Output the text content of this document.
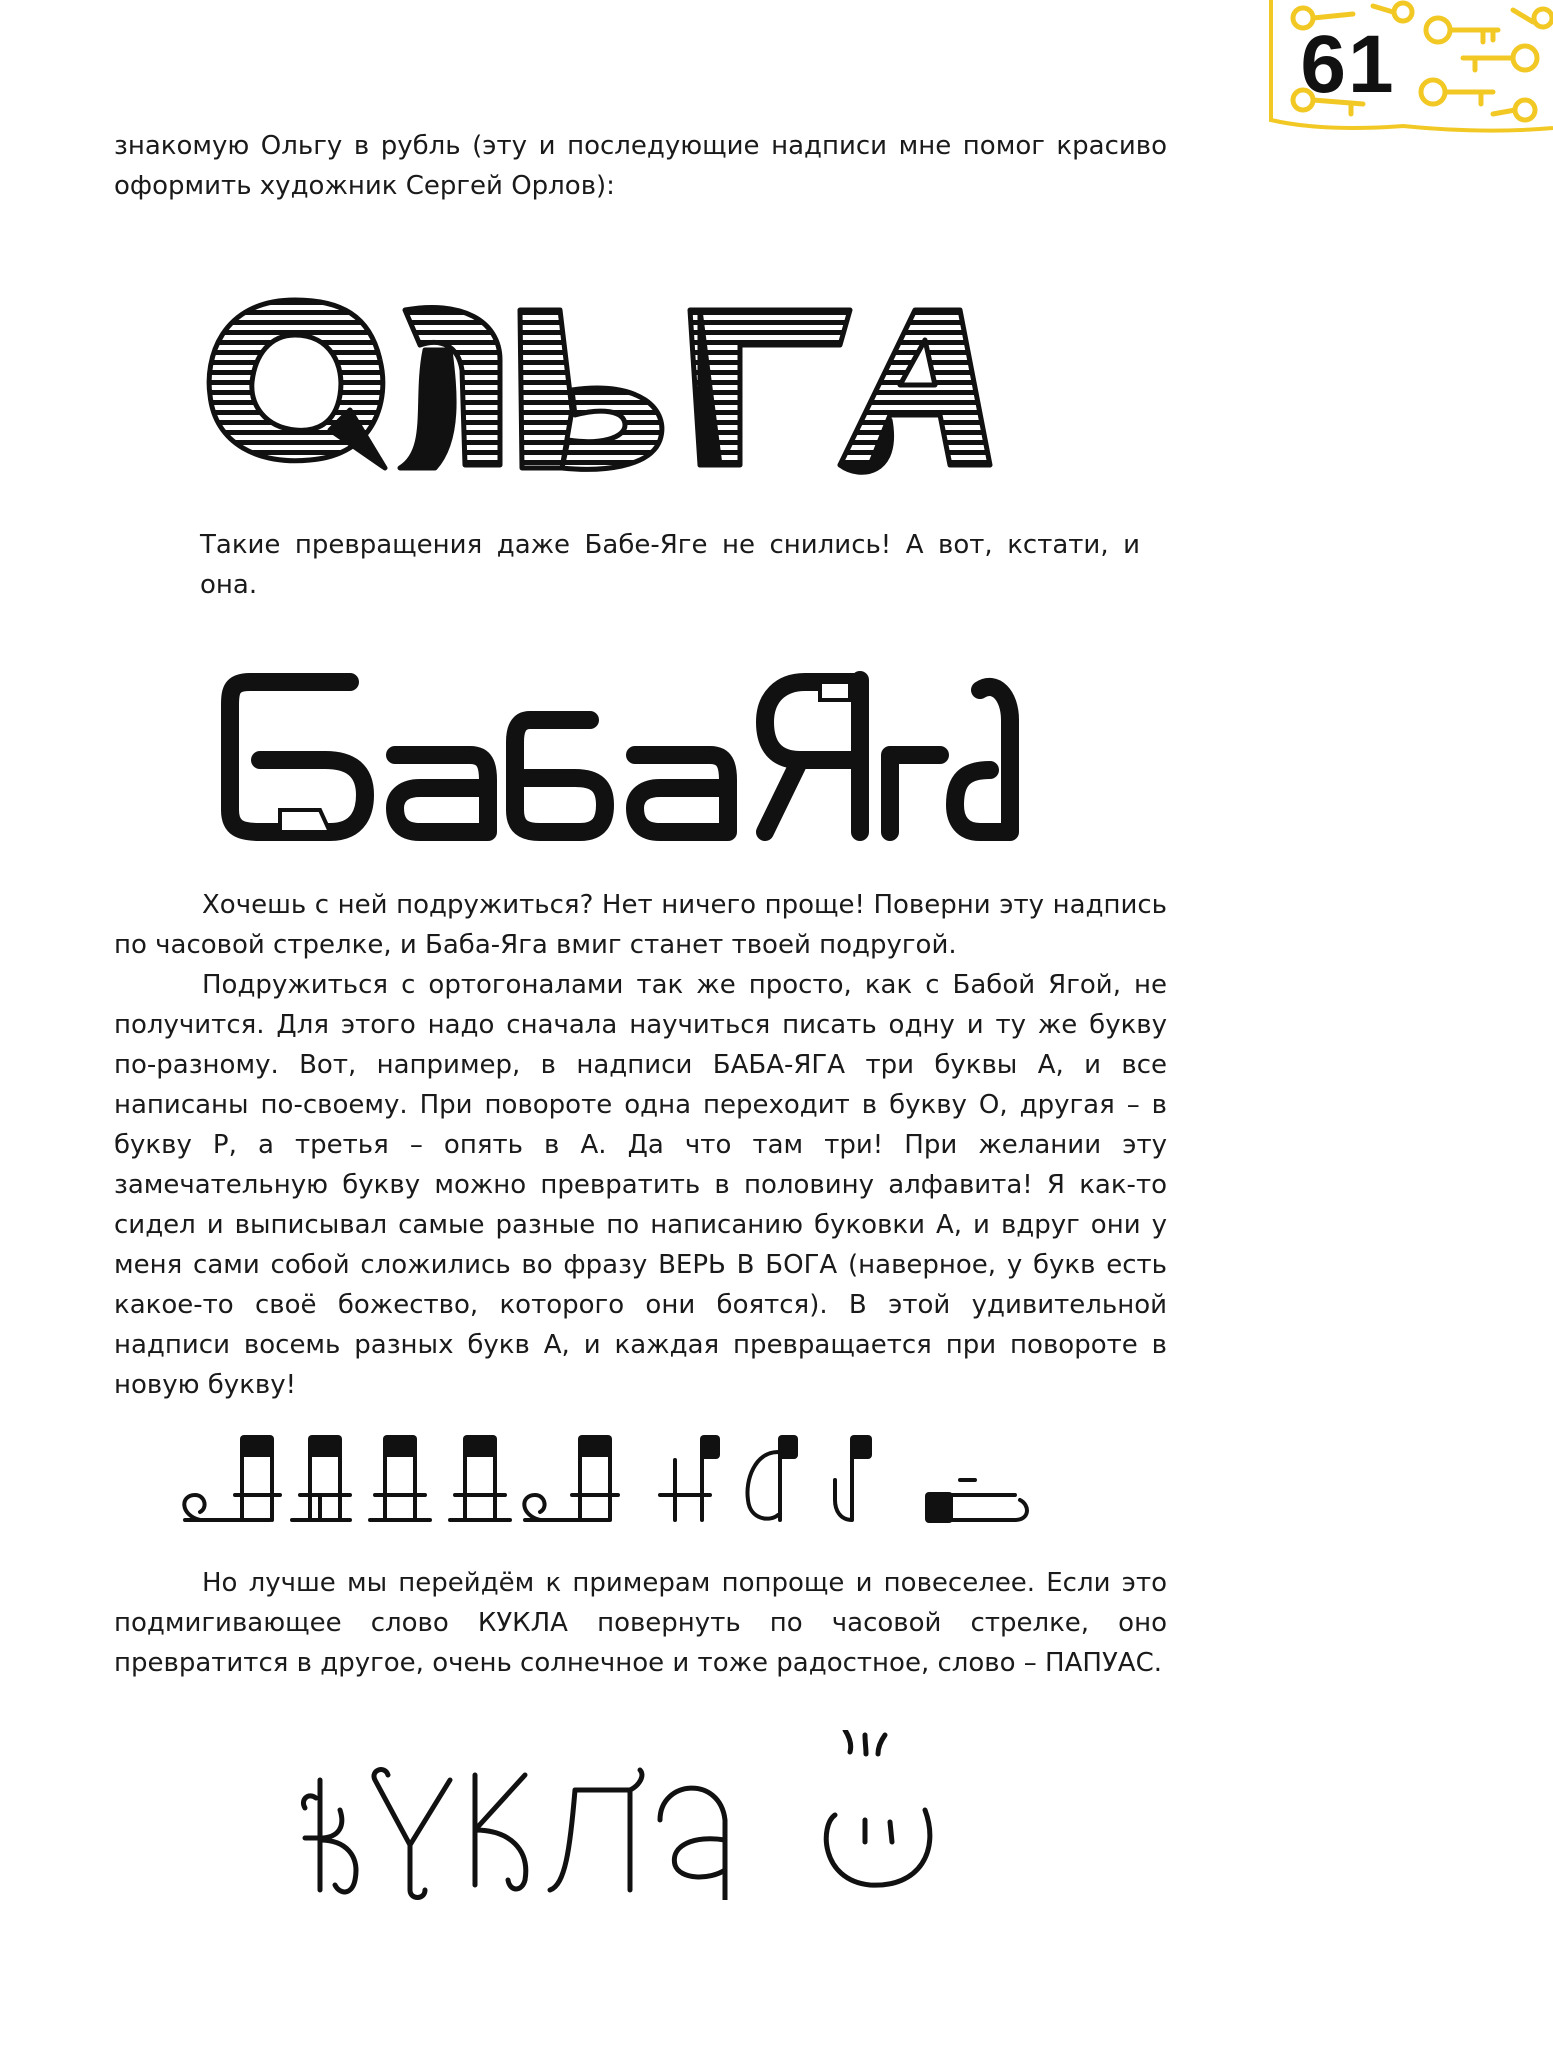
61

знакомую Ольгу в рубль (эту и последующие надписи мне помог красиво оформить художник Сергей Орлов):

Такие превращения даже Бабе-Яге не снились! А вот, кстати, и она.

Хочешь с ней подружиться? Нет ничего проще! Поверни эту надпись по часовой стрелке, и Баба-Яга вмиг станет твоей подругой.

Подружиться с ортогоналами так же просто, как с Бабой Ягой, не получится. Для этого надо сначала научиться писать одну и ту же букву по-разному. Вот, например, в надписи БАБА-ЯГА три буквы А, и все написаны по-своему. При повороте одна переходит в букву О, другая – в букву Р, а третья – опять в А. Да что там три! При желании эту замечательную букву можно превратить в половину алфавита! Я как-то сидел и выписывал самые разные по написанию буковки А, и вдруг они у меня сами собой сложились во фразу ВЕРЬ В БОГА (наверное, у букв есть какое-то своё божество, которого они боятся). В этой удивительной надписи восемь разных букв А, и каждая превращается при повороте в новую букву!

Но лучше мы перейдём к примерам попроще и повеселее. Если это подмигивающее слово КУКЛА повернуть по часовой стрелке, оно превратится в другое, очень солнечное и тоже радостное, слово – ПАПУАС.
